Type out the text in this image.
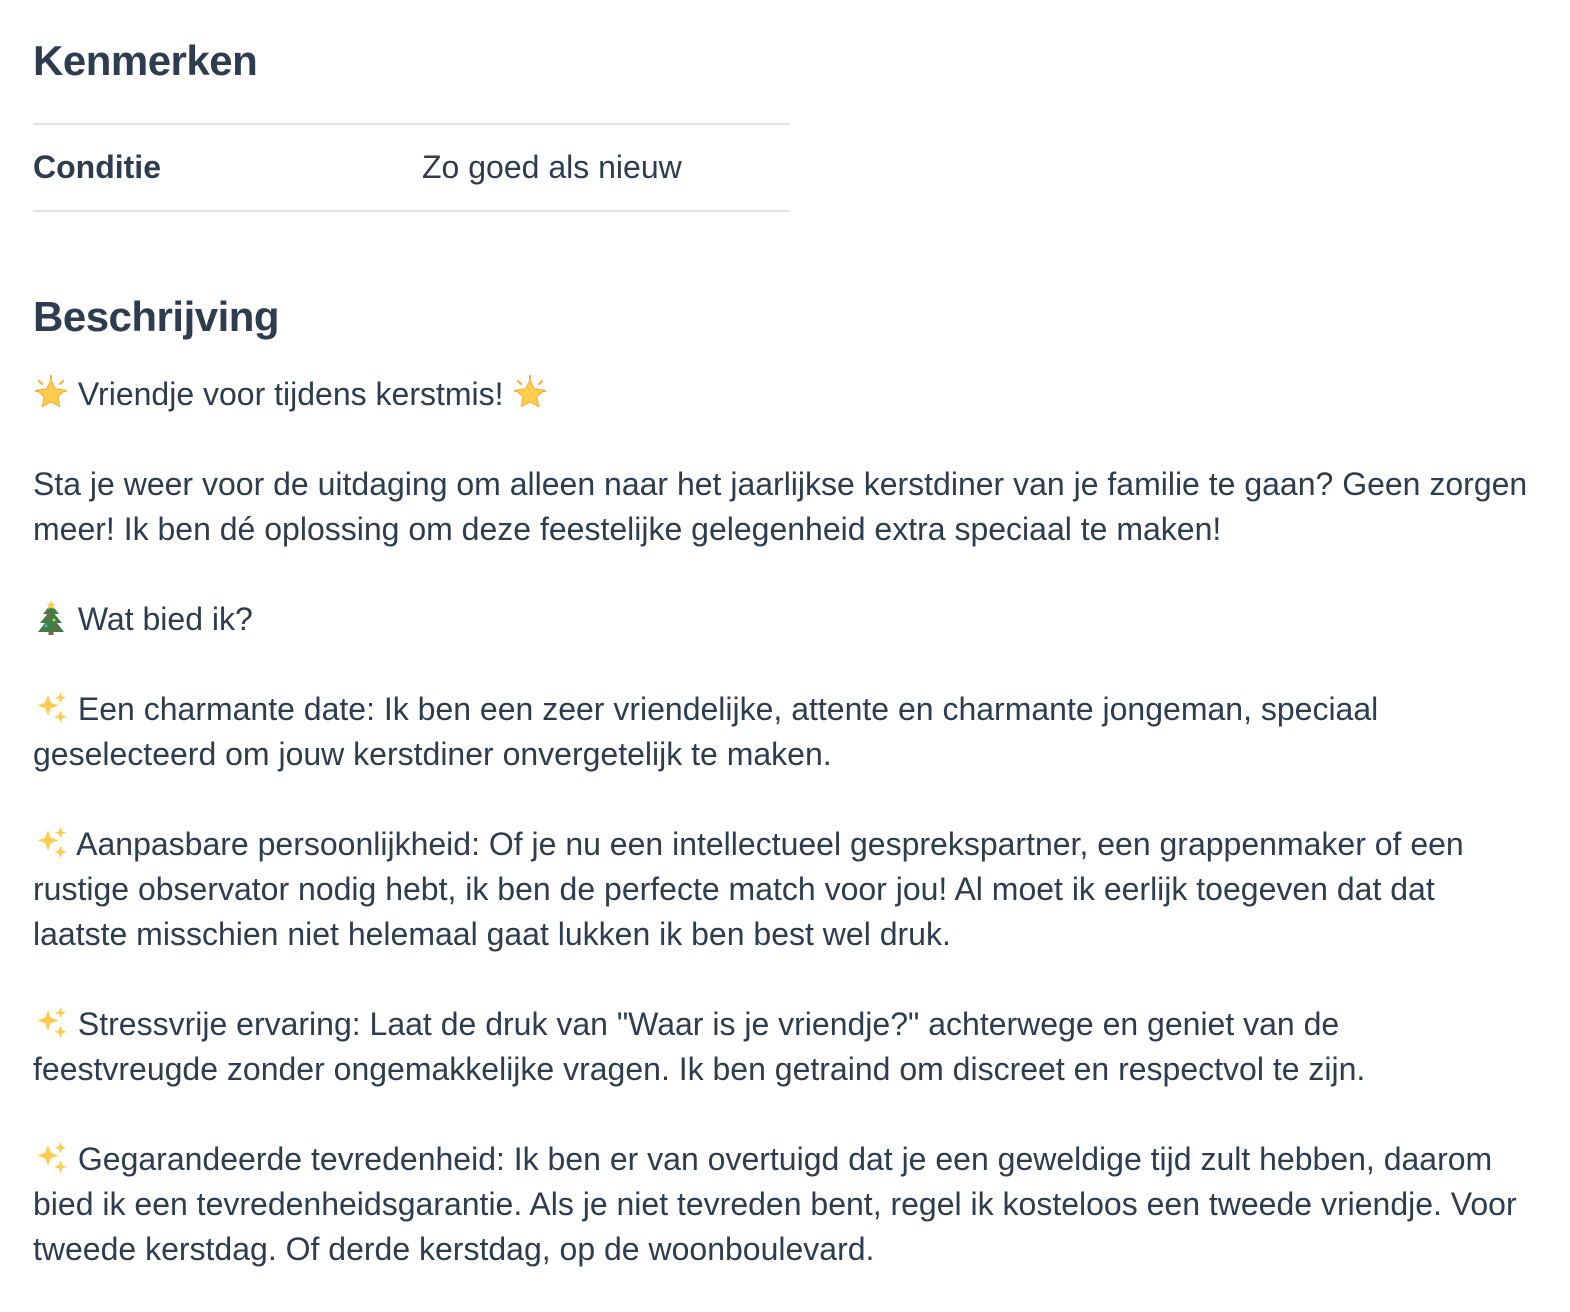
Kenmerken
Conditie	Zo goed als nieuw
Beschrijving

Vriendje voor tijdens kerstmis!

Sta je weer voor de uitdaging om alleen naar het jaarlijkse kerstdiner van je familie te gaan? Geen zorgen meer! Ik ben dé oplossing om deze feestelijke gelegenheid extra speciaal te maken!

Wat bied ik?

Een charmante date: Ik ben een zeer vriendelijke, attente en charmante jongeman, speciaal geselecteerd om jouw kerstdiner onvergetelijk te maken.

Aanpasbare persoonlijkheid: Of je nu een intellectueel gesprekspartner, een grappenmaker of een rustige observator nodig hebt, ik ben de perfecte match voor jou! Al moet ik eerlijk toegeven dat dat laatste misschien niet helemaal gaat lukken ik ben best wel druk.

Stressvrije ervaring: Laat de druk van "Waar is je vriendje?" achterwege en geniet van de feestvreugde zonder ongemakkelijke vragen. Ik ben getraind om discreet en respectvol te zijn.

Gegarandeerde tevredenheid: Ik ben er van overtuigd dat je een geweldige tijd zult hebben, daarom bied ik een tevredenheidsgarantie. Als je niet tevreden bent, regel ik kosteloos een tweede vriendje. Voor tweede kerstdag. Of derde kerstdag, op de woonboulevard.
